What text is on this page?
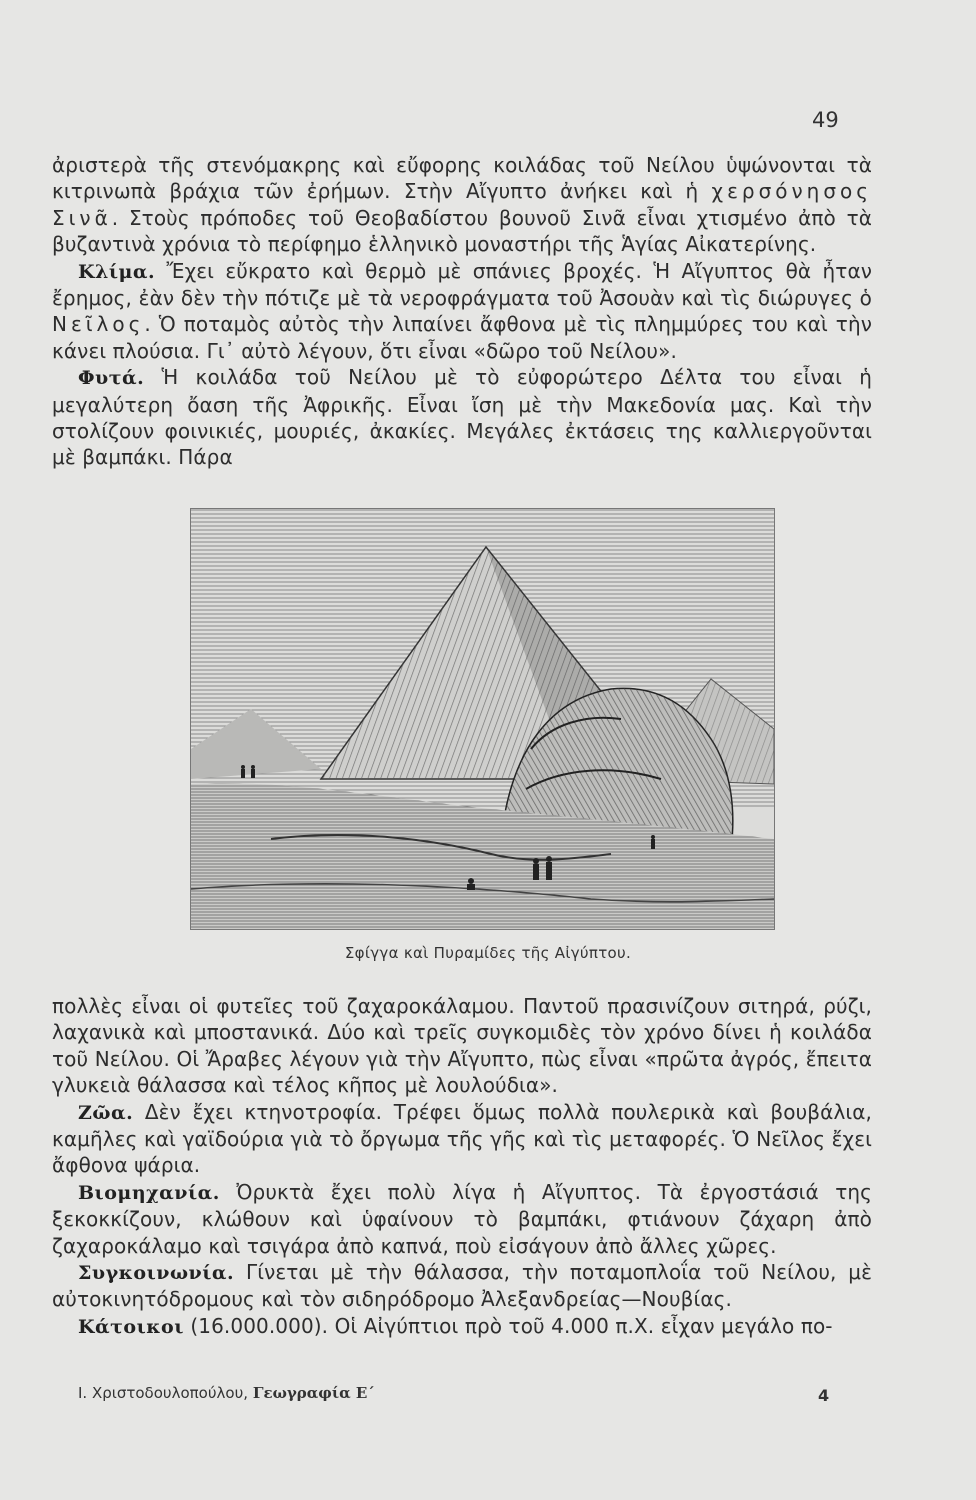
49

ἀριστερὰ τῆς στενόμακρης καὶ εὔφορης κοιλάδας τοῦ Νείλου ὑψώνονται τὰ κιτρινωπὰ βράχια τῶν ἐρήμων. Στὴν Αἴγυπτο ἀνήκει καὶ ἡ χερσόνησος Σινᾶ. Στοὺς πρόποδες τοῦ Θεοβαδίστου βουνοῦ Σινᾶ εἶναι χτισμένο ἀπὸ τὰ βυζαντινὰ χρόνια τὸ περίφημο ἑλληνικὸ μοναστήρι τῆς Ἁγίας Αἰκατερίνης.

Κλίμα. Ἔχει εὔκρατο καὶ θερμὸ μὲ σπάνιες βροχές. Ἡ Αἴγυπτος θὰ ἦταν ἔρημος, ἐὰν δὲν τὴν πότιζε μὲ τὰ νεροφράγματα τοῦ Ἀσουὰν καὶ τὶς διώρυγες ὁ Νεῖλος. Ὁ ποταμὸς αὐτὸς τὴν λιπαίνει ἄφθονα μὲ τὶς πλημμύρες του καὶ τὴν κάνει πλούσια. Γι᾽ αὐτὸ λέγουν, ὅτι εἶναι «δῶρο τοῦ Νείλου».

Φυτά. Ἡ κοιλάδα τοῦ Νείλου μὲ τὸ εὐφορώτερο Δέλτα του εἶναι ἡ μεγαλύτερη ὄαση τῆς Ἀφρικῆς. Εἶναι ἴση μὲ τὴν Μακεδονία μας. Καὶ τὴν στολίζουν φοινικιές, μουριές, ἀκακίες. Μεγάλες ἐκτάσεις της καλλιεργοῦνται μὲ βαμπάκι. Πάρα

Σφίγγα καὶ Πυραμίδες τῆς Αἰγύπτου.

πολλὲς εἶναι οἱ φυτεῖες τοῦ ζαχαροκάλαμου. Παντοῦ πρασινίζουν σιτηρά, ρύζι, λαχανικὰ καὶ μποστανικά. Δύο καὶ τρεῖς συγκομιδὲς τὸν χρόνο δίνει ἡ κοιλάδα τοῦ Νείλου. Οἱ Ἄραβες λέγουν γιὰ τὴν Αἴγυπτο, πὼς εἶναι «πρῶτα ἀγρός, ἔπειτα γλυκειὰ θάλασσα καὶ τέλος κῆπος μὲ λουλούδια».

Ζῶα. Δὲν ἔχει κτηνοτροφία. Τρέφει ὅμως πολλὰ πουλερικὰ καὶ βουβάλια, καμῆλες καὶ γαϊδούρια γιὰ τὸ ὄργωμα τῆς γῆς καὶ τὶς μεταφορές. Ὁ Νεῖλος ἔχει ἄφθονα ψάρια.

Βιομηχανία. Ὀρυκτὰ ἔχει πολὺ λίγα ἡ Αἴγυπτος. Τὰ ἐργοστάσιά της ξεκοκκίζουν, κλώθουν καὶ ὑφαίνουν τὸ βαμπάκι, φτιάνουν ζάχαρη ἀπὸ ζαχαροκάλαμο καὶ τσιγάρα ἀπὸ καπνά, ποὺ εἰσάγουν ἀπὸ ἄλλες χῶρες.

Συγκοινωνία. Γίνεται μὲ τὴν θάλασσα, τὴν ποταμοπλοΐα τοῦ Νείλου, μὲ αὐτοκινητόδρομους καὶ τὸν σιδηρόδρομο Ἀλεξανδρείας—Νουβίας.

Κάτοικοι (16.000.000). Οἱ Αἰγύπτιοι πρὸ τοῦ 4.000 π.Χ. εἶχαν μεγάλο πο-

I. Χριστοδουλοπούλου, Γεωγραφία Ε΄	4
